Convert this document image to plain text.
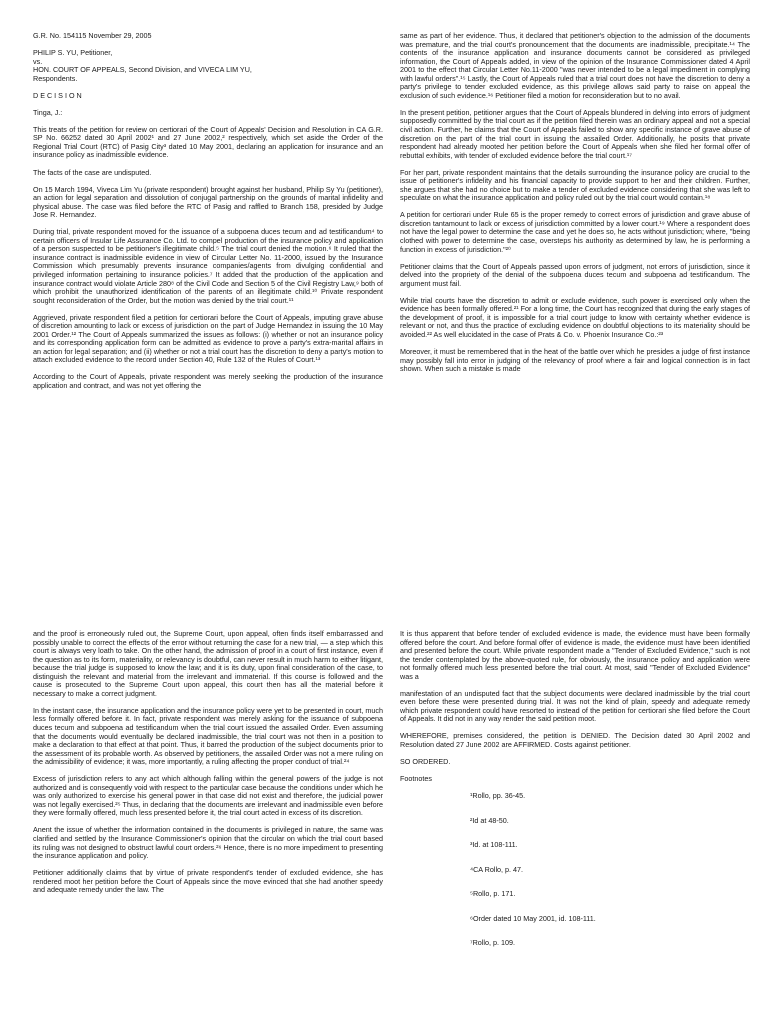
G.R. No. 154115 November 29, 2005

PHILIP S. YU, Petitioner,
vs.
HON. COURT OF APPEALS, Second Division, and VIVECA LIM YU,
Respondents.

D E C I S I O N

Tinga, J.:

This treats of the petition for review on certiorari of the Court of Appeals' Decision and Resolution in CA G.R. SP No. 66252 dated 30 April 2002¹ and 27 June 2002,² respectively, which set aside the Order of the Regional Trial Court (RTC) of Pasig City³ dated 10 May 2001, declaring an application for insurance and an insurance policy as inadmissible evidence.

The facts of the case are undisputed.

On 15 March 1994, Viveca Lim Yu (private respondent) brought against her husband, Philip Sy Yu (petitioner), an action for legal separation and dissolution of conjugal partnership on the grounds of marital infidelity and physical abuse. The case was filed before the RTC of Pasig and raffled to Branch 158, presided by Judge Jose R. Hernandez.

During trial, private respondent moved for the issuance of a subpoena duces tecum and ad testificandum⁴ to certain officers of Insular Life Assurance Co. Ltd. to compel production of the insurance policy and application of a person suspected to be petitioner's illegitimate child.⁵ The trial court denied the motion.⁶ It ruled that the insurance contract is inadmissible evidence in view of Circular Letter No. 11-2000, issued by the Insurance Commission which presumably prevents insurance companies/agents from divulging confidential and privileged information pertaining to insurance policies.⁷ It added that the production of the application and insurance contract would violate Article 280⁸ of the Civil Code and Section 5 of the Civil Registry Law,⁹ both of which prohibit the unauthorized identification of the parents of an illegitimate child.¹⁰ Private respondent sought reconsideration of the Order, but the motion was denied by the trial court.¹¹

Aggrieved, private respondent filed a petition for certiorari before the Court of Appeals, imputing grave abuse of discretion amounting to lack or excess of jurisdiction on the part of Judge Hernandez in issuing the 10 May 2001 Order.¹² The Court of Appeals summarized the issues as follows: (i) whether or not an insurance policy and its corresponding application form can be admitted as evidence to prove a party's extra-marital affairs in an action for legal separation; and (ii) whether or not a trial court has the discretion to deny a party's motion to attach excluded evidence to the record under Section 40, Rule 132 of the Rules of Court.¹³

According to the Court of Appeals, private respondent was merely seeking the production of the insurance application and contract, and was not yet offering the

same as part of her evidence. Thus, it declared that petitioner's objection to the admission of the documents was premature, and the trial court's pronouncement that the documents are inadmissible, precipitate.¹⁴ The contents of the insurance application and insurance documents cannot be considered as privileged information, the Court of Appeals added, in view of the opinion of the Insurance Commissioner dated 4 April 2001 to the effect that Circular Letter No.11-2000 "was never intended to be a legal impediment in complying with lawful orders".¹⁵ Lastly, the Court of Appeals ruled that a trial court does not have the discretion to deny a party's privilege to tender excluded evidence, as this privilege allows said party to raise on appeal the exclusion of such evidence.¹⁶ Petitioner filed a motion for reconsideration but to no avail.

In the present petition, petitioner argues that the Court of Appeals blundered in delving into errors of judgment supposedly committed by the trial court as if the petition filed therein was an ordinary appeal and not a special civil action. Further, he claims that the Court of Appeals failed to show any specific instance of grave abuse of discretion on the part of the trial court in issuing the assailed Order. Additionally, he posits that private respondent had already mooted her petition before the Court of Appeals when she filed her formal offer of rebuttal exhibits, with tender of excluded evidence before the trial court.¹⁷

For her part, private respondent maintains that the details surrounding the insurance policy are crucial to the issue of petitioner's infidelity and his financial capacity to provide support to her and their children. Further, she argues that she had no choice but to make a tender of excluded evidence considering that she was left to speculate on what the insurance application and policy ruled out by the trial court would contain.¹⁸

A petition for certiorari under Rule 65 is the proper remedy to correct errors of jurisdiction and grave abuse of discretion tantamount to lack or excess of jurisdiction committed by a lower court.¹⁹ Where a respondent does not have the legal power to determine the case and yet he does so, he acts without jurisdiction; where, "being clothed with power to determine the case, oversteps his authority as determined by law, he is performing a function in excess of jurisdiction."²⁰

Petitioner claims that the Court of Appeals passed upon errors of judgment, not errors of jurisdiction, since it delved into the propriety of the denial of the subpoena duces tecum and subpoena ad testificandum. The argument must fail.

While trial courts have the discretion to admit or exclude evidence, such power is exercised only when the evidence has been formally offered.²¹ For a long time, the Court has recognized that during the early stages of the development of proof, it is impossible for a trial court judge to know with certainty whether evidence is relevant or not, and thus the practice of excluding evidence on doubtful objections to its materiality should be avoided.²² As well elucidated in the case of Prats & Co. v. Phoenix Insurance Co.:²³

Moreover, it must be remembered that in the heat of the battle over which he presides a judge of first instance may possibly fall into error in judging of the relevancy of proof where a fair and logical connection is in fact shown. When such a mistake is made

and the proof is erroneously ruled out, the Supreme Court, upon appeal, often finds itself embarrassed and possibly unable to correct the effects of the error without returning the case for a new trial, — a step which this court is always very loath to take. On the other hand, the admission of proof in a court of first instance, even if the question as to its form, materiality, or relevancy is doubtful, can never result in much harm to either litigant, because the trial judge is supposed to know the law; and it is its duty, upon final consideration of the case, to distinguish the relevant and material from the irrelevant and immaterial. If this course is followed and the cause is prosecuted to the Supreme Court upon appeal, this court then has all the material before it necessary to make a correct judgment.

In the instant case, the insurance application and the insurance policy were yet to be presented in court, much less formally offered before it. In fact, private respondent was merely asking for the issuance of subpoena duces tecum and subpoena ad testificandum when the trial court issued the assailed Order. Even assuming that the documents would eventually be declared inadmissible, the trial court was not then in a position to make a declaration to that effect at that point. Thus, it barred the production of the subject documents prior to the assessment of its probable worth. As observed by petitioners, the assailed Order was not a mere ruling on the admissibility of evidence; it was, more importantly, a ruling affecting the proper conduct of trial.²⁴

Excess of jurisdiction refers to any act which although falling within the general powers of the judge is not authorized and is consequently void with respect to the particular case because the conditions under which he was only authorized to exercise his general power in that case did not exist and therefore, the judicial power was not legally exercised.²⁵ Thus, in declaring that the documents are irrelevant and inadmissible even before they were formally offered, much less presented before it, the trial court acted in excess of its discretion.

Anent the issue of whether the information contained in the documents is privileged in nature, the same was clarified and settled by the Insurance Commissioner's opinion that the circular on which the trial court based its ruling was not designed to obstruct lawful court orders.²⁶ Hence, there is no more impediment to presenting the insurance application and policy.

Petitioner additionally claims that by virtue of private respondent's tender of excluded evidence, she has rendered moot her petition before the Court of Appeals since the move evinced that she had another speedy and adequate remedy under the law. The

It is thus apparent that before tender of excluded evidence is made, the evidence must have been formally offered before the court. And before formal offer of evidence is made, the evidence must have been identified and presented before the court. While private respondent made a "Tender of Excluded Evidence," such is not the tender contemplated by the above-quoted rule, for obviously, the insurance policy and application were not formally offered much less presented before the trial court. At most, said "Tender of Excluded Evidence" was a

manifestation of an undisputed fact that the subject documents were declared inadmissible by the trial court even before these were presented during trial. It was not the kind of plain, speedy and adequate remedy which private respondent could have resorted to instead of the petition for certiorari she filed before the Court of Appeals. It did not in any way render the said petition moot.

WHEREFORE, premises considered, the petition is DENIED. The Decision dated 30 April 2002 and Resolution dated 27 June 2002 are AFFIRMED. Costs against petitioner.

SO ORDERED.

Footnotes

¹Rollo, pp. 36-45.

²Id at 48-50.

³Id. at 108-111.

⁴CA Rollo, p. 47.

⁵Rollo, p. 171.

⁶Order dated 10 May 2001, id. 108-111.

⁷Rollo, p. 109.
